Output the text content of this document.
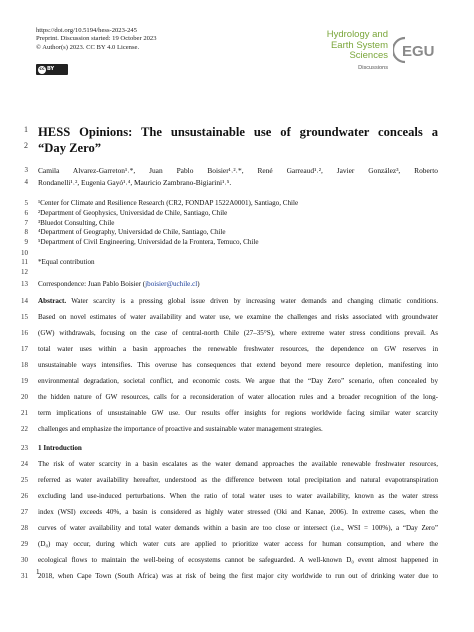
https://doi.org/10.5194/hess-2023-245
Preprint. Discussion started: 19 October 2023
© Author(s) 2023. CC BY 4.0 License.
cc BY
Hydrology and
Earth System
Sciences
Discussions
EGU
1 HESS Opinions: The unsustainable use of groundwater conceals a
2 “Day Zero”
3 Camila Alvarez-Garreton¹˒*, Juan Pablo Boisier¹˒²˒*, René Garreaud¹˒², Javier González³, Roberto
4 Rondanelli¹˒², Eugenia Gayó¹˒⁴, Mauricio Zambrano-Bigiarini¹˒⁵.
5 ¹Center for Climate and Resilience Research (CR2, FONDAP 1522A0001), Santiago, Chile
6 ²Department of Geophysics, Universidad de Chile, Santiago, Chile
7 ³Bluedot Consulting, Chile
8 ⁴Department of Geography, Universidad de Chile, Santiago, Chile
9 ⁵Department of Civil Engineering, Universidad de la Frontera, Temuco, Chile
10
11 *Equal contribution
12
13 Correspondence: Juan Pablo Boisier (jboisier@uchile.cl)
14 Abstract. Water scarcity is a pressing global issue driven by increasing water demands and changing climatic conditions.
15 Based on novel estimates of water availability and water use, we examine the challenges and risks associated with groundwater
16 (GW) withdrawals, focusing on the case of central-north Chile (27–35°S), where extreme water stress conditions prevail. As
17 total water uses within a basin approaches the renewable freshwater resources, the dependence on GW reserves in
18 unsustainable ways intensifies. This overuse has consequences that extend beyond mere resource depletion, manifesting into
19 environmental degradation, societal conflict, and economic costs. We argue that the “Day Zero” scenario, often concealed by
20 the hidden nature of GW resources, calls for a reconsideration of water allocation rules and a broader recognition of the long-
21 term implications of unsustainable GW use. Our results offer insights for regions worldwide facing similar water scarcity
22 challenges and emphasize the importance of proactive and sustainable water management strategies.
23 1 Introduction
24 The risk of water scarcity in a basin escalates as the water demand approaches the available renewable freshwater resources,
25 referred as water availability hereafter, understood as the difference between total precipitation and natural evapotranspiration
26 excluding land use-induced perturbations. When the ratio of total water uses to water availability, known as the water stress
27 index (WSI) exceeds 40%, a basin is considered as highly water stressed (Oki and Kanae, 2006). In extreme cases, when the
28 curves of water availability and total water demands within a basin are too close or intersect (i.e., WSI = 100%), a “Day Zero”
29 (D₀) may occur, during which water cuts are applied to prioritize water access for human consumption, and where the
30 ecological flows to maintain the well-being of ecosystems cannot be safeguarded. A well-known D₀ event almost happened in
31 2018, when Cape Town (South Africa) was at risk of being the first major city worldwide to run out of drinking water due to
1
